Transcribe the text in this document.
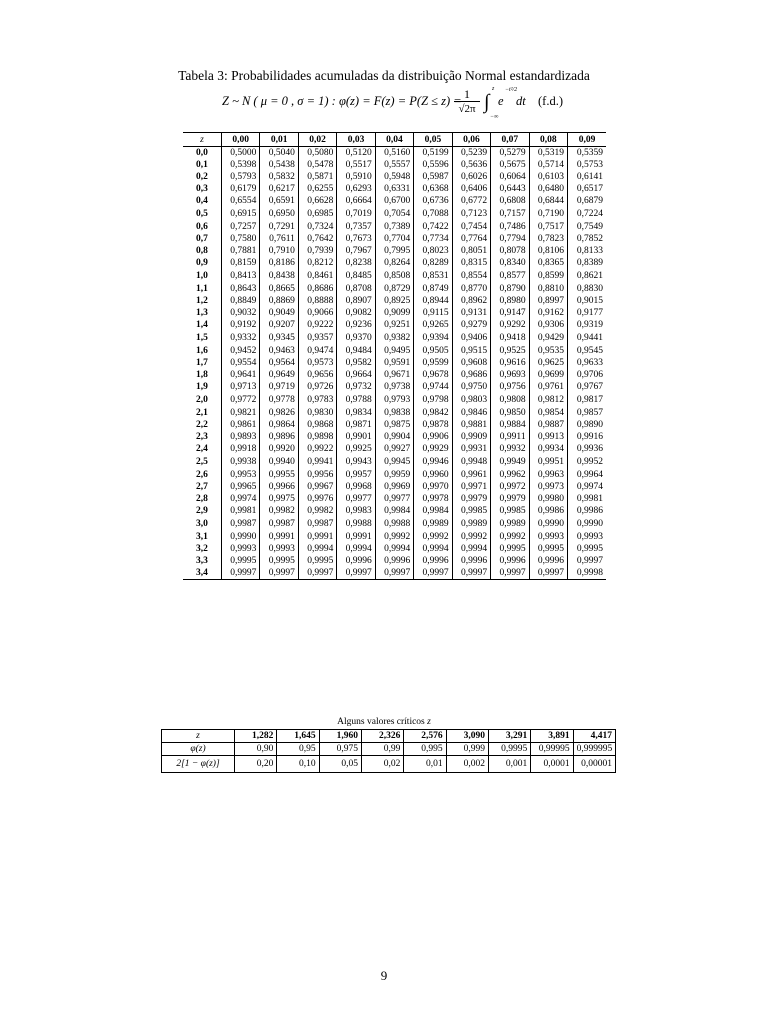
Tabela 3: Probabilidades acumuladas da distribuição Normal estandardizada
Z ~ N ( μ = 0 , σ = 1) : φ(z) = F(z) = P(Z ≤ z) =
$\frac{1}{√2\pi}$ ∫
z
−∞
e
−t²/2
dt (f.d.)
z	0,00	0,01	0,02	0,03	0,04	0,05	0,06	0,07	0,08	0,09
0,0	0,5000	0,5040	0,5080	0,5120	0,5160	0,5199	0,5239	0,5279	0,5319	0,5359
0,1	0,5398	0,5438	0,5478	0,5517	0,5557	0,5596	0,5636	0,5675	0,5714	0,5753
0,2	0,5793	0,5832	0,5871	0,5910	0,5948	0,5987	0,6026	0,6064	0,6103	0,6141
0,3	0,6179	0,6217	0,6255	0,6293	0,6331	0,6368	0,6406	0,6443	0,6480	0,6517
0,4	0,6554	0,6591	0,6628	0,6664	0,6700	0,6736	0,6772	0,6808	0,6844	0,6879
0,5	0,6915	0,6950	0,6985	0,7019	0,7054	0,7088	0,7123	0,7157	0,7190	0,7224
0,6	0,7257	0,7291	0,7324	0,7357	0,7389	0,7422	0,7454	0,7486	0,7517	0,7549
0,7	0,7580	0,7611	0,7642	0,7673	0,7704	0,7734	0,7764	0,7794	0,7823	0,7852
0,8	0,7881	0,7910	0,7939	0,7967	0,7995	0,8023	0,8051	0,8078	0,8106	0,8133
0,9	0,8159	0,8186	0,8212	0,8238	0,8264	0,8289	0,8315	0,8340	0,8365	0,8389
1,0	0,8413	0,8438	0,8461	0,8485	0,8508	0,8531	0,8554	0,8577	0,8599	0,8621
1,1	0,8643	0,8665	0,8686	0,8708	0,8729	0,8749	0,8770	0,8790	0,8810	0,8830
1,2	0,8849	0,8869	0,8888	0,8907	0,8925	0,8944	0,8962	0,8980	0,8997	0,9015
1,3	0,9032	0,9049	0,9066	0,9082	0,9099	0,9115	0,9131	0,9147	0,9162	0,9177
1,4	0,9192	0,9207	0,9222	0,9236	0,9251	0,9265	0,9279	0,9292	0,9306	0,9319
1,5	0,9332	0,9345	0,9357	0,9370	0,9382	0,9394	0,9406	0,9418	0,9429	0,9441
1,6	0,9452	0,9463	0,9474	0,9484	0,9495	0,9505	0,9515	0,9525	0,9535	0,9545
1,7	0,9554	0,9564	0,9573	0,9582	0,9591	0,9599	0,9608	0,9616	0,9625	0,9633
1,8	0,9641	0,9649	0,9656	0,9664	0,9671	0,9678	0,9686	0,9693	0,9699	0,9706
1,9	0,9713	0,9719	0,9726	0,9732	0,9738	0,9744	0,9750	0,9756	0,9761	0,9767
2,0	0,9772	0,9778	0,9783	0,9788	0,9793	0,9798	0,9803	0,9808	0,9812	0,9817
2,1	0,9821	0,9826	0,9830	0,9834	0,9838	0,9842	0,9846	0,9850	0,9854	0,9857
2,2	0,9861	0,9864	0,9868	0,9871	0,9875	0,9878	0,9881	0,9884	0,9887	0,9890
2,3	0,9893	0,9896	0,9898	0,9901	0,9904	0,9906	0,9909	0,9911	0,9913	0,9916
2,4	0,9918	0,9920	0,9922	0,9925	0,9927	0,9929	0,9931	0,9932	0,9934	0,9936
2,5	0,9938	0,9940	0,9941	0,9943	0,9945	0,9946	0,9948	0,9949	0,9951	0,9952
2,6	0,9953	0,9955	0,9956	0,9957	0,9959	0,9960	0,9961	0,9962	0,9963	0,9964
2,7	0,9965	0,9966	0,9967	0,9968	0,9969	0,9970	0,9971	0,9972	0,9973	0,9974
2,8	0,9974	0,9975	0,9976	0,9977	0,9977	0,9978	0,9979	0,9979	0,9980	0,9981
2,9	0,9981	0,9982	0,9982	0,9983	0,9984	0,9984	0,9985	0,9985	0,9986	0,9986
3,0	0,9987	0,9987	0,9987	0,9988	0,9988	0,9989	0,9989	0,9989	0,9990	0,9990
3,1	0,9990	0,9991	0,9991	0,9991	0,9992	0,9992	0,9992	0,9992	0,9993	0,9993
3,2	0,9993	0,9993	0,9994	0,9994	0,9994	0,9994	0,9994	0,9995	0,9995	0,9995
3,3	0,9995	0,9995	0,9995	0,9996	0,9996	0,9996	0,9996	0,9996	0,9996	0,9997
3,4	0,9997	0,9997	0,9997	0,9997	0,9997	0,9997	0,9997	0,9997	0,9997	0,9998
Alguns valores críticos z
z	1,282	1,645	1,960	2,326	2,576	3,090	3,291	3,891	4,417
φ(z)	0,90	0,95	0,975	0,99	0,995	0,999	0,9995	0,99995	0,999995
2[1 − φ(z)]	0,20	0,10	0,05	0,02	0,01	0,002	0,001	0,0001	0,00001
9
